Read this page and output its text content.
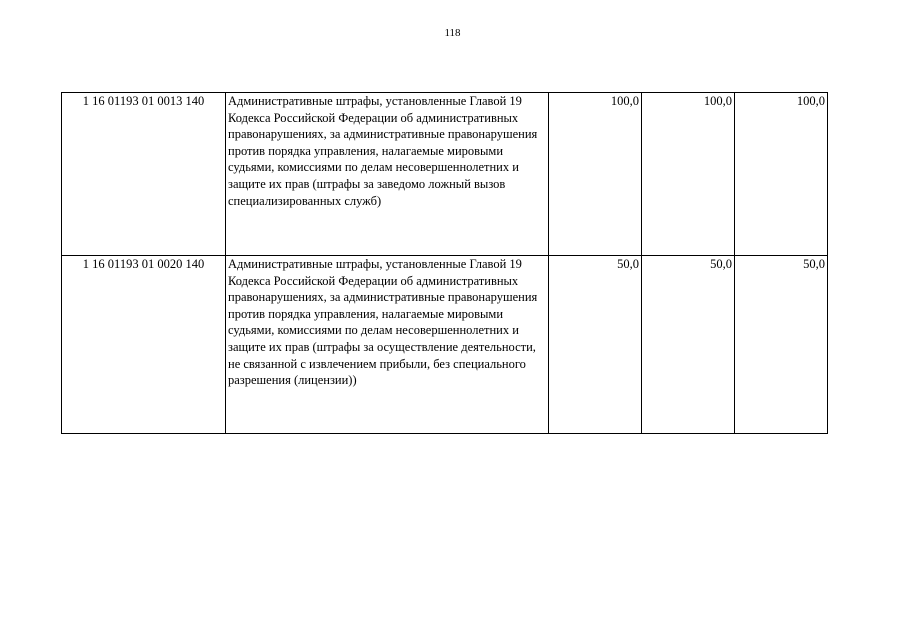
118
1 16 01193 01 0013 140	Административные штрафы, установленные Главой 19 Кодекса Российской Федерации об административных правонарушениях, за административные правонарушения против порядка управления, налагаемые мировыми судьями, комиссиями по делам несовершеннолетних и защите их прав (штрафы за заведомо ложный вызов специализированных служб)	100,0	100,0	100,0
1 16 01193 01 0020 140	Административные штрафы, установленные Главой 19 Кодекса Российской Федерации об административных правонарушениях, за административные правонарушения против порядка управления, налагаемые мировыми судьями, комиссиями по делам несовершеннолетних и защите их прав (штрафы за осуществление деятельности, не связанной с извлечением прибыли, без специального разрешения (лицензии))	50,0	50,0	50,0
